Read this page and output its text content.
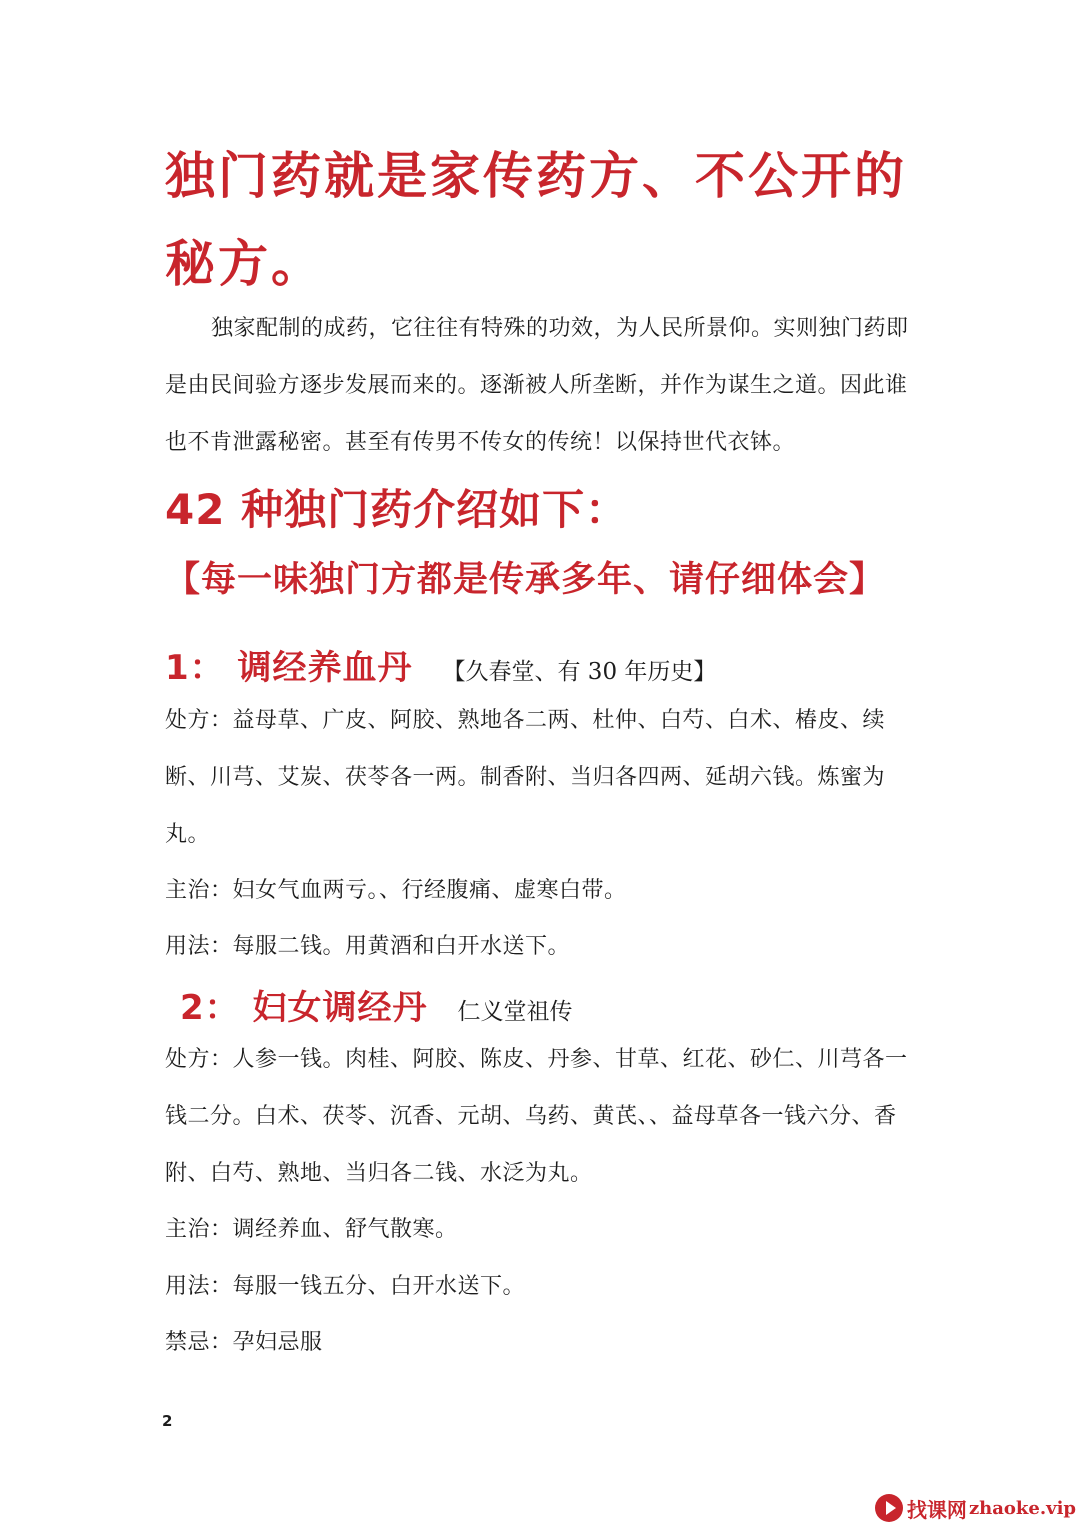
独门药就是家传药方、不公开的秘方。

独家配制的成药，它往往有特殊的功效，为人民所景仰。实则独门药即是由民间验方逐步发展而来的。逐渐被人所垄断，并作为谋生之道。因此谁也不肯泄露秘密。甚至有传男不传女的传统！以保持世代衣钵。

42 种独门药介绍如下：
【每一味独门方都是传承多年、请仔细体会】
1： 调经养血丹 【久春堂、有 30 年历史】

处方：益母草、广皮、阿胶、熟地各二两、杜仲、白芍、白术、椿皮、续断、川芎、艾炭、茯苓各一两。制香附、当归各四两、延胡六钱。炼蜜为丸。

主治：妇女气血两亏。、行经腹痛、虚寒白带。

用法：每服二钱。用黄酒和白开水送下。

2： 妇女调经丹 仁义堂祖传

处方：人参一钱。肉桂、阿胶、陈皮、丹参、甘草、红花、砂仁、川芎各一钱二分。白术、茯苓、沉香、元胡、乌药、黄芪、、益母草各一钱六分、香附、白芍、熟地、当归各二钱、水泛为丸。

主治：调经养血、舒气散寒。

用法：每服一钱五分、白开水送下。

禁忌：孕妇忌服

2
找课网 zhaoke.vip
